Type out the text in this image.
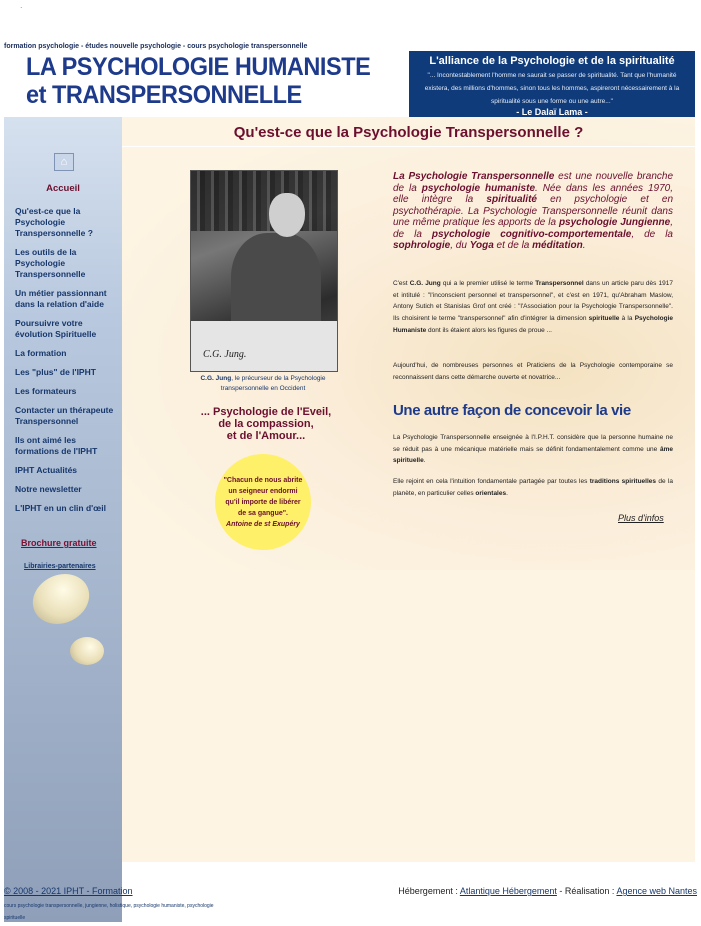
.
formation psychologie - études nouvelle psychologie - cours psychologie transpersonnelle
LA PSYCHOLOGIE HUMANISTE
et TRANSPERSONNELLE
L'alliance de la Psychologie et de la spiritualité
"... Incontestablement l'homme ne saurait se passer de spiritualité. Tant que l'humanité existera, des millions d'hommes, sinon tous les hommes, aspireront nécessairement à la spiritualité sous une forme ou une autre..."
- Le Dalaï Lama -
⌂
Accueil
Qu'est-ce que la Psychologie Transpersonnelle ?
Les outils de la Psychologie Transpersonnelle
Un métier passionnant dans la relation d'aide
Poursuivre votre évolution Spirituelle
La formation
Les "plus" de l'IPHT
Les formateurs
Contacter un thérapeute Transpersonnel
Ils ont aimé les formations de l'IPHT
IPHT Actualités
Notre newsletter
L'IPHT en un clin d'œil
Brochure gratuite
Librairies-partenaires
Qu'est-ce que la Psychologie Transpersonnelle ?
C.G. Jung.
C.G. Jung, le précurseur de la Psychologie transpersonnelle en Occident
... Psychologie de l'Eveil,
de la compassion,
et de l'Amour...
"Chacun de nous abrite un seigneur endormi qu'il importe de libérer de sa gangue".
Antoine de st Exupéry
La Psychologie Transpersonnelle est une nouvelle branche de la psychologie humaniste. Née dans les années 1970, elle intègre la spiritualité en psychologie et en psychothérapie. La Psychologie Transpersonnelle réunit dans une même pratique les apports de la psychologie Jungienne, de la psychologie cognitivo-comportementale, de la sophrologie, du Yoga et de la méditation.
C'est C.G. Jung qui a le premier utilisé le terme Transpersonnel dans un article paru dès 1917 et intitulé : "l'inconscient personnel et transpersonnel", et c'est en 1971, qu'Abraham Maslow, Antony Sutich et Stanislas Grof ont créé : "l'Association pour la Psychologie Transpersonnelle". Ils choisirent le terme "transpersonnel" afin d'intégrer la dimension spirituelle à la Psychologie Humaniste dont ils étaient alors les figures de proue ...
Aujourd'hui, de nombreuses personnes et Praticiens de la Psychologie contemporaine se reconnaissent dans cette démarche ouverte et novatrice...
Une autre façon de concevoir la vie
La Psychologie Transpersonnelle enseignée à l'I.P.H.T. considère que la personne humaine ne se réduit pas à une mécanique matérielle mais se définit fondamentalement comme une âme spirituelle.
Elle rejoint en cela l'intuition fondamentale partagée par toutes les traditions spirituelles de la planète, en particulier celles orientales.
Plus d'infos
© 2008 - 2021 IPHT - Formation	Hébergement : Atlantique Hébergement - Réalisation : Agence web Nantes
cours psychologie transpersonnelle, jungienne, holistique, psychologie humaniste, psychologie spirituelle
